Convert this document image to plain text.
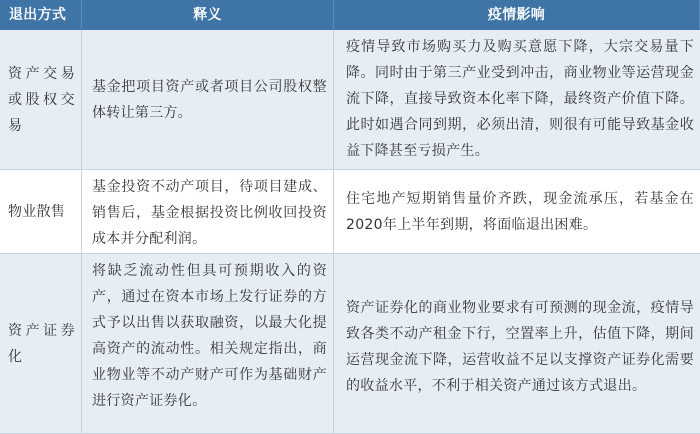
退出方式	释义	疫情影响
资产交易或股权交易
基金把项目资产或者项目公司股权整体转让第三方。
疫情导致市场购买力及购买意愿下降，大宗交易量下降。同时由于第三产业受到冲击，商业物业等运营现金流下降，直接导致资本化率下降，最终资产价值下降。此时如遇合同到期，必须出清，则很有可能导致基金收益下降甚至亏损产生。
物业散售
基金投资不动产项目，待项目建成、销售后，基金根据投资比例收回投资成本并分配利润。
住宅地产短期销售量价齐跌，现金流承压，若基金在2020年上半年到期，将面临退出困难。
资产证券化
将缺乏流动性但具可预期收入的资产，通过在资本市场上发行证券的方式予以出售以获取融资，以最大化提高资产的流动性。相关规定指出，商业物业等不动产财产可作为基础财产进行资产证券化。
资产证券化的商业物业要求有可预测的现金流，疫情导致各类不动产租金下行，空置率上升，估值下降，期间运营现金流下降，运营收益不足以支撑资产证券化需要的收益水平，不利于相关资产通过该方式退出。
